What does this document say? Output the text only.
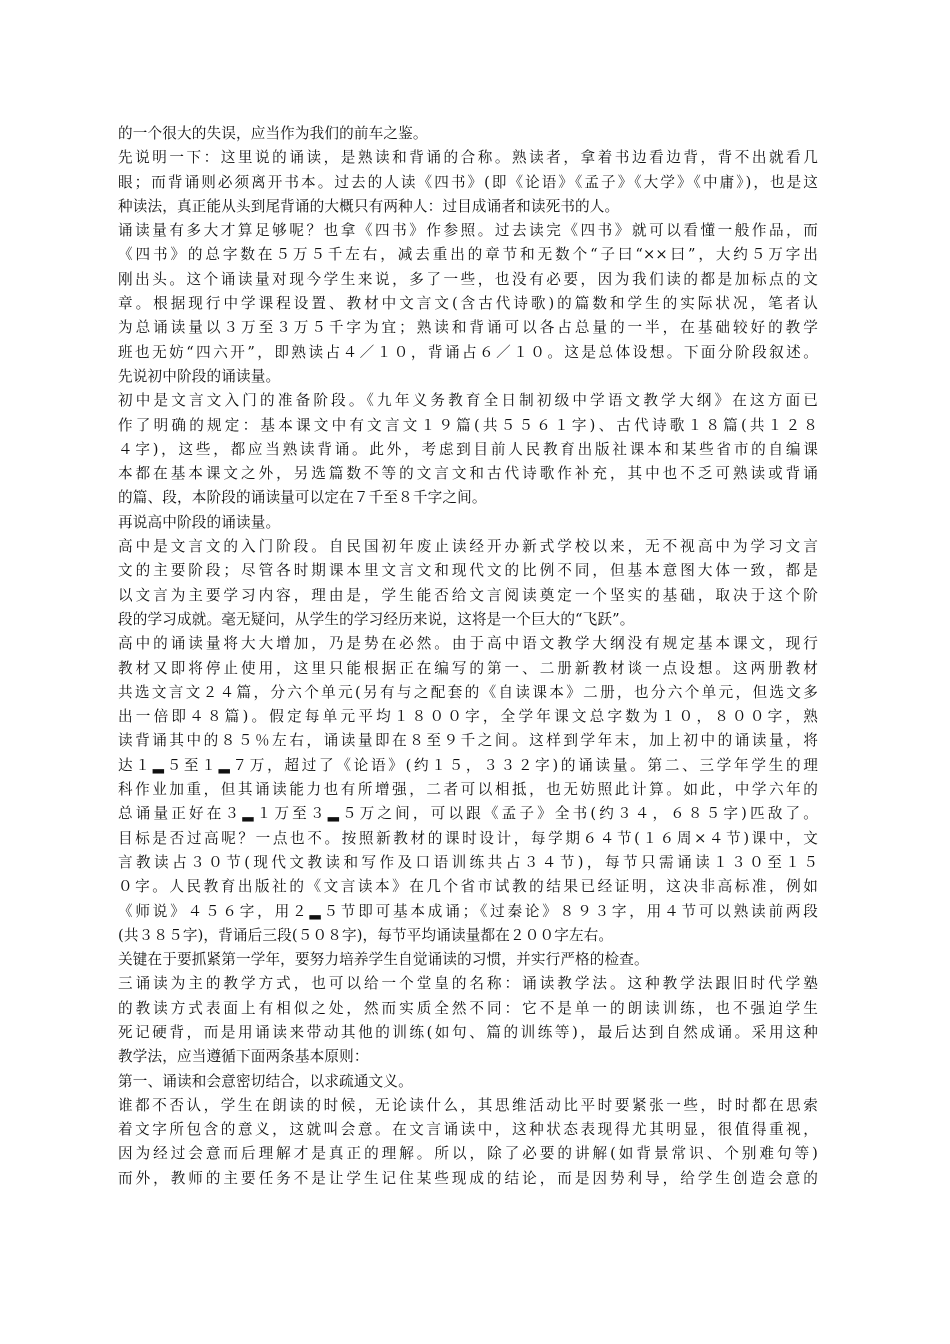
的一个很大的失误，应当作为我们的前车之鉴。
先说明一下：这里说的诵读，是熟读和背诵的合称。熟读者，拿着书边看边背，背不出就看几
眼；而背诵则必须离开书本。过去的人读《四书》(即《论语》《孟子》《大学》《中庸》)，也是这
种读法，真正能从头到尾背诵的大概只有两种人：过目成诵者和读死书的人。
诵读量有多大才算足够呢？也拿《四书》作参照。过去读完《四书》就可以看懂一般作品，而
《四书》的总字数在５万５千左右，减去重出的章节和无数个“子曰“××曰”，大约５万字出
刚出头。这个诵读量对现今学生来说，多了一些，也没有必要，因为我们读的都是加标点的文
章。根据现行中学课程设置、教材中文言文(含古代诗歌)的篇数和学生的实际状况，笔者认
为总诵读量以３万至３万５千字为宜；熟读和背诵可以各占总量的一半，在基础较好的教学
班也无妨“四六开”，即熟读占４／１０，背诵占６／１０。这是总体设想。下面分阶段叙述。
先说初中阶段的诵读量。
初中是文言文入门的准备阶段。《九年义务教育全日制初级中学语文教学大纲》在这方面已
作了明确的规定：基本课文中有文言文１９篇(共５５６１字)、古代诗歌１８篇(共１２８
４字)，这些，都应当熟读背诵。此外，考虑到目前人民教育出版社课本和某些省市的自编课
本都在基本课文之外，另选篇数不等的文言文和古代诗歌作补充，其中也不乏可熟读或背诵
的篇、段，本阶段的诵读量可以定在７千至８千字之间。
再说高中阶段的诵读量。
高中是文言文的入门阶段。自民国初年废止读经开办新式学校以来，无不视高中为学习文言
文的主要阶段；尽管各时期课本里文言文和现代文的比例不同，但基本意图大体一致，都是
以文言为主要学习内容，理由是，学生能否给文言阅读奠定一个坚实的基础，取决于这个阶
段的学习成就。毫无疑问，从学生的学习经历来说，这将是一个巨大的“飞跃”。
高中的诵读量将大大增加，乃是势在必然。由于高中语文教学大纲没有规定基本课文，现行
教材又即将停止使用，这里只能根据正在编写的第一、二册新教材谈一点设想。这两册教材
共选文言文２４篇，分六个单元(另有与之配套的《自读课本》二册，也分六个单元，但选文多
出一倍即４８篇)。假定每单元平均１８００字，全学年课文总字数为１０，８００字，熟
读背诵其中的８５％左右，诵读量即在８至９千之间。这样到学年末，加上初中的诵读量，将
达１▂５至１▂７万，超过了《论语》(约１５，３３２字)的诵读量。第二、三学年学生的理
科作业加重，但其诵读能力也有所增强，二者可以相抵，也无妨照此计算。如此，中学六年的
总诵量正好在３▂１万至３▂５万之间，可以跟《孟子》全书(约３４，６８５字)匹敌了。
目标是否过高呢？一点也不。按照新教材的课时设计，每学期６４节(１６周×４节)课中，文
言教读占３０节(现代文教读和写作及口语训练共占３４节)，每节只需诵读１３０至１５
０字。人民教育出版社的《文言读本》在几个省市试教的结果已经证明，这决非高标准，例如
《师说》４５６字，用２▂５节即可基本成诵；《过秦论》８９３字，用４节可以熟读前两段
(共３８５字)，背诵后三段(５０８字)，每节平均诵读量都在２００字左右。
关键在于要抓紧第一学年，要努力培养学生自觉诵读的习惯，并实行严格的检查。
三诵读为主的教学方式，也可以给一个堂皇的名称：诵读教学法。这种教学法跟旧时代学塾
的教读方式表面上有相似之处，然而实质全然不同：它不是单一的朗读训练，也不强迫学生
死记硬背，而是用诵读来带动其他的训练(如句、篇的训练等)，最后达到自然成诵。采用这种
教学法，应当遵循下面两条基本原则：
第一、诵读和会意密切结合，以求疏通文义。
谁都不否认，学生在朗读的时候，无论读什么，其思维活动比平时要紧张一些，时时都在思索
着文字所包含的意义，这就叫会意。在文言诵读中，这种状态表现得尤其明显，很值得重视，
因为经过会意而后理解才是真正的理解。所以，除了必要的讲解(如背景常识、个别难句等)
而外，教师的主要任务不是让学生记住某些现成的结论，而是因势利导，给学生创造会意的
